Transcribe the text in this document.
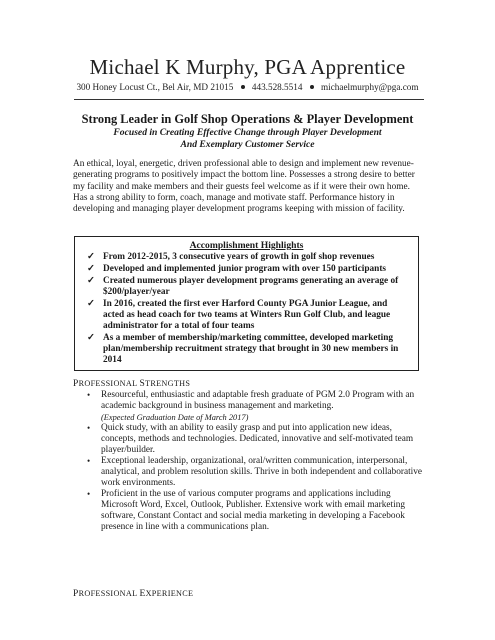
Michael K Murphy, PGA Apprentice
300 Honey Locust Ct., Bel Air, MD 21015 443.528.5514 michaelmurphy@pga.com
Strong Leader in Golf Shop Operations & Player Development
Focused in Creating Effective Change through Player Development
And Exemplary Customer Service

An ethical, loyal, energetic, driven professional able to design and implement new revenue-generating programs to positively impact the bottom line. Possesses a strong desire to better my facility and make members and their guests feel welcome as if it were their own home. Has a strong ability to form, coach, manage and motivate staff. Performance history in developing and managing player development programs keeping with mission of facility.

Accomplishment Highlights
✓ From 2012-2015, 3 consecutive years of growth in golf shop revenues
✓ Developed and implemented junior program with over 150 participants
✓ Created numerous player development programs generating an average of $200/player/year
✓ In 2016, created the first ever Harford County PGA Junior League, and acted as head coach for two teams at Winters Run Golf Club, and league administrator for a total of four teams
✓ As a member of membership/marketing committee, developed marketing plan/membership recruitment strategy that brought in 30 new members in 2014
PROFESSIONAL STRENGTHS
• Resourceful, enthusiastic and adaptable fresh graduate of PGM 2.0 Program with an academic background in business management and marketing.
(Expected Graduation Date of March 2017)
• Quick study, with an ability to easily grasp and put into application new ideas, concepts, methods and technologies. Dedicated, innovative and self-motivated team player/builder.
• Exceptional leadership, organizational, oral/written communication, interpersonal, analytical, and problem resolution skills. Thrive in both independent and collaborative work environments.
• Proficient in the use of various computer programs and applications including Microsoft Word, Excel, Outlook, Publisher. Extensive work with email marketing software, Constant Contact and social media marketing in developing a Facebook presence in line with a communications plan.
PROFESSIONAL EXPERIENCE
